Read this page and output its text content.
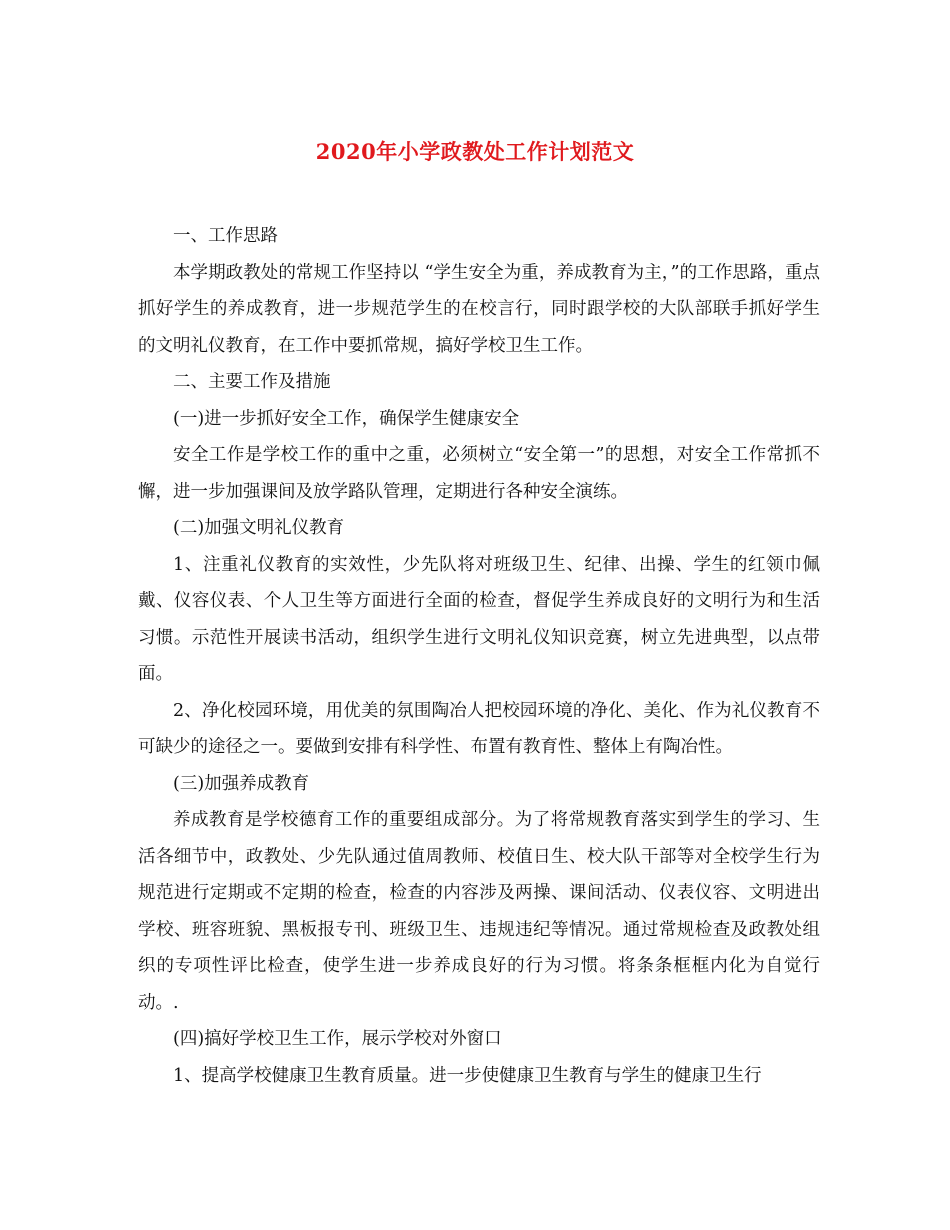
2020年小学政教处工作计划范文

一、工作思路

本学期政教处的常规工作坚持以 “学生安全为重，养成教育为主，”的工作思路，重点抓好学生的养成教育，进一步规范学生的在校言行，同时跟学校的大队部联手抓好学生的文明礼仪教育，在工作中要抓常规，搞好学校卫生工作。

二、主要工作及措施

(一)进一步抓好安全工作，确保学生健康安全

安全工作是学校工作的重中之重，必须树立“安全第一”的思想，对安全工作常抓不懈，进一步加强课间及放学路队管理，定期进行各种安全演练。

(二)加强文明礼仪教育

1、注重礼仪教育的实效性，少先队将对班级卫生、纪律、出操、学生的红领巾佩戴、仪容仪表、个人卫生等方面进行全面的检查，督促学生养成良好的文明行为和生活习惯。示范性开展读书活动，组织学生进行文明礼仪知识竞赛，树立先进典型，以点带面。

2、净化校园环境，用优美的氛围陶冶人把校园环境的净化、美化、作为礼仪教育不可缺少的途径之一。要做到安排有科学性、布置有教育性、整体上有陶冶性。

(三)加强养成教育

养成教育是学校德育工作的重要组成部分。为了将常规教育落实到学生的学习、生活各细节中，政教处、少先队通过值周教师、校值日生、校大队干部等对全校学生行为规范进行定期或不定期的检查，检查的内容涉及两操、课间活动、仪表仪容、文明进出学校、班容班貌、黑板报专刊、班级卫生、违规违纪等情况。通过常规检查及政教处组织的专项性评比检查，使学生进一步养成良好的行为习惯。将条条框框内化为自觉行动。.

(四)搞好学校卫生工作，展示学校对外窗口

1、提高学校健康卫生教育质量。进一步使健康卫生教育与学生的健康卫生行
